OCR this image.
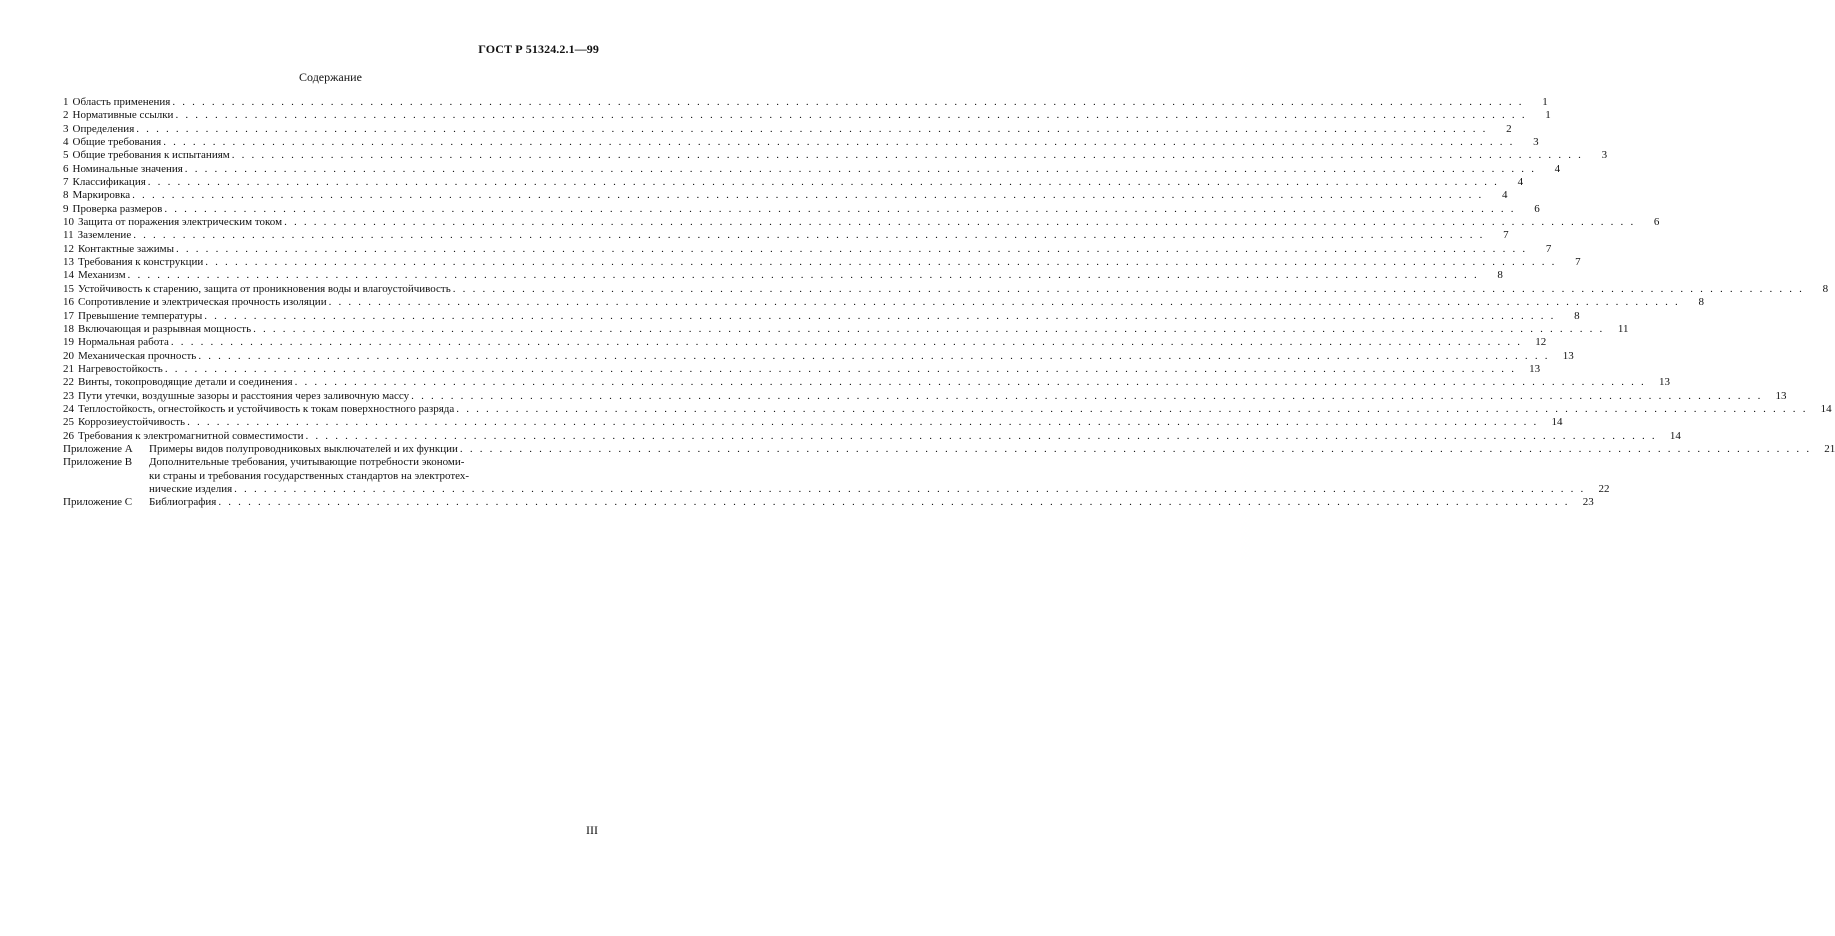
ГОСТ Р 51324.2.1—99
Содержание
1 Область применения . . .	1
2 Нормативные ссылки . . .	1
3 Определения . . .	2
4 Общие требования . . .	3
5 Общие требования к испытаниям . . .	3
6 Номинальные значения . . .	4
7 Классификация . . .	4
8 Маркировка . . .	4
9 Проверка размеров . . .	6
10 Защита от поражения электрическим током . . .	6
11 Заземление . . .	7
12 Контактные зажимы . . .	7
13 Требования к конструкции . . .	7
14 Механизм . . .	8
15 Устойчивость к старению, защита от проникновения воды и влагоустойчивость . . .	8
16 Сопротивление и электрическая прочность изоляции . . .	8
17 Превышение температуры . . .	8
18 Включающая и разрывная мощность . . .	11
19 Нормальная работа . . .	12
20 Механическая прочность . . .	13
21 Нагревостойкость . . .	13
22 Винты, токопроводящие детали и соединения . . .	13
23 Пути утечки, воздушные зазоры и расстояния через заливочную массу . . .	13
24 Теплостойкость, огнестойкость и устойчивость к токам поверхностного разряда . . .	14
25 Коррозиеустойчивость . . .	14
26 Требования к электромагнитной совместимости . . .	14
Приложение А	Примеры видов полупроводниковых выключателей и их функции . . .	21
Приложение В	Дополнительные требования, учитывающие потребности экономи-
ки страны и требования государственных стандартов на электротех-
нические изделия . . .	22
Приложение С	Библиография . . .	23
III
